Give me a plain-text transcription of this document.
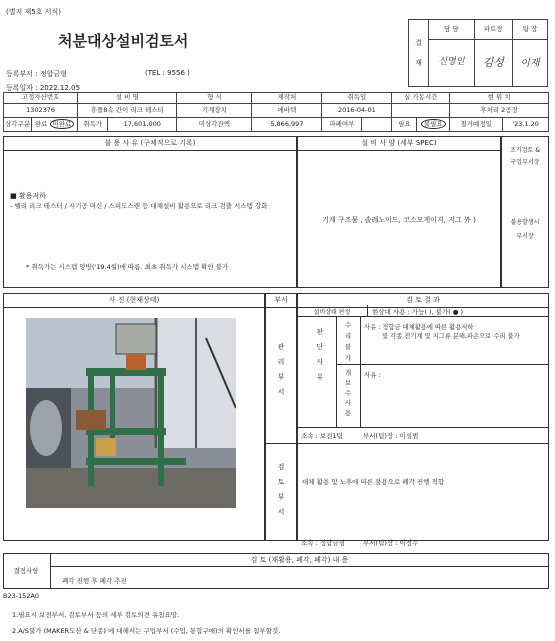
(별지 제5호 서식)
처분대상설비검토서	결
재	담 당	파트장	팀 장
	신명인	김성	이재
등록부서 : 정합금형	(TEL : 9556 )
등록일자 : 2022.12.05
고정자산번호		설 비 명		형 식	제작처	취득일		실 가동시간		현 위 치	
1302376		휴플8속 간이 리크 테스터		기계장치	에바텍	2016-04-01				후처리 2공장	
상각구분	완료 미완료	취득가	17,601,000	미상각잔액	5,866,997	파폐여부		필요	불필요	철거예정일	'23.1.20
불 용 사 유 (구체적으로 기록)
■ 활용저하
- 웰리 리크 테스터 / 시기공 머신 / 스피도스캔 등 대체설비 활용으로 리크 검출 시스템 강화
* 취득가는 시스템 양방('19.4월)에 따름. 최초 취득가 시스템 확인 불가
설 비 사 양 (세부 SPEC)
기계 구조물 , 솔레노이드, 코스모게이지, 지그 外 )
조기검토 &
구입부서장
불용발생시
부서장
사 진 (현재상태)	부서
관리부서
검토부서
검 토 결 과
설비상태 판정	현상대 사용 : 가능( ), 불가( ● )
판단사유
수리불가
사유 : 정합금 대체활용에 따른 활용저하
및 각종 전기계 및 지그류 분해,파손으로 수리 불가
개보수사용
사유 :
소속 : 보전1팀	부서(팀)장 : 이성범
대체 활용 및 노후에 따른 불용으로 폐각 진행 적합
소속 : 정합금형	부서(팀)장 : 이정수
검 토 (재활용, 폐각, 폐각) 내 용
결정사항
폐각 진행 후 폐각 추진
B23-152A0
1.필요시 보전부서, 검토부서 등의 세부 검토의견 유첨요망.
2.A/S불가 (MAKER도산 & 단종) 에 대해서는 구입부서 (수입, 통합구매)의 확인서를 첨부할것.
